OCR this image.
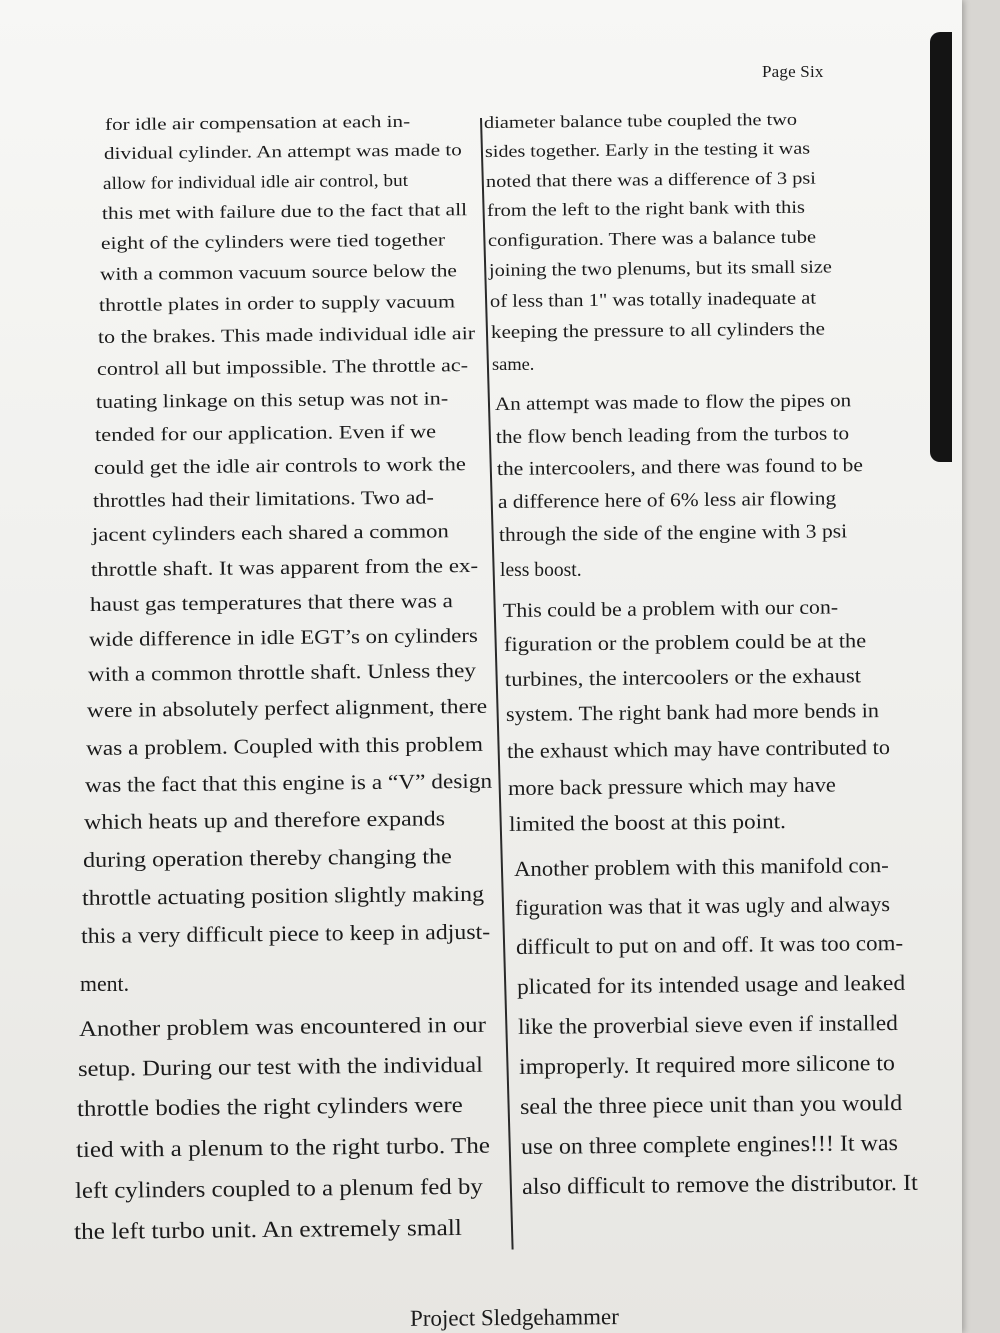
Page Six
for idle air compensation at each in-
dividual cylinder. An attempt was made to
allow for individual idle air control, but
this met with failure due to the fact that all
eight of the cylinders were tied together
with a common vacuum source below the
throttle plates in order to supply vacuum
to the brakes. This made individual idle air
control all but impossible. The throttle ac-
tuating linkage on this setup was not in-
tended for our application. Even if we
could get the idle air controls to work the
throttles had their limitations. Two ad-
jacent cylinders each shared a common
throttle shaft. It was apparent from the ex-
haust gas temperatures that there was a
wide difference in idle EGT’s on cylinders
with a common throttle shaft. Unless they
were in absolutely perfect alignment, there
was a problem. Coupled with this problem
was the fact that this engine is a “V” design
which heats up and therefore expands
during operation thereby changing the
throttle actuating position slightly making
this a very difficult piece to keep in adjust-
ment.
Another problem was encountered in our
setup. During our test with the individual
throttle bodies the right cylinders were
tied with a plenum to the right turbo. The
left cylinders coupled to a plenum fed by
the left turbo unit. An extremely small
diameter balance tube coupled the two
sides together. Early in the testing it was
noted that there was a difference of 3 psi
from the left to the right bank with this
configuration. There was a balance tube
joining the two plenums, but its small size
of less than 1" was totally inadequate at
keeping the pressure to all cylinders the
same.
An attempt was made to flow the pipes on
the flow bench leading from the turbos to
the intercoolers, and there was found to be
a difference here of 6% less air flowing
through the side of the engine with 3 psi
less boost.
This could be a problem with our con-
figuration or the problem could be at the
turbines, the intercoolers or the exhaust
system. The right bank had more bends in
the exhaust which may have contributed to
more back pressure which may have
limited the boost at this point.
Another problem with this manifold con-
figuration was that it was ugly and always
difficult to put on and off. It was too com-
plicated for its intended usage and leaked
like the proverbial sieve even if installed
improperly. It required more silicone to
seal the three piece unit than you would
use on three complete engines!!! It was
also difficult to remove the distributor. It
Project Sledgehammer
